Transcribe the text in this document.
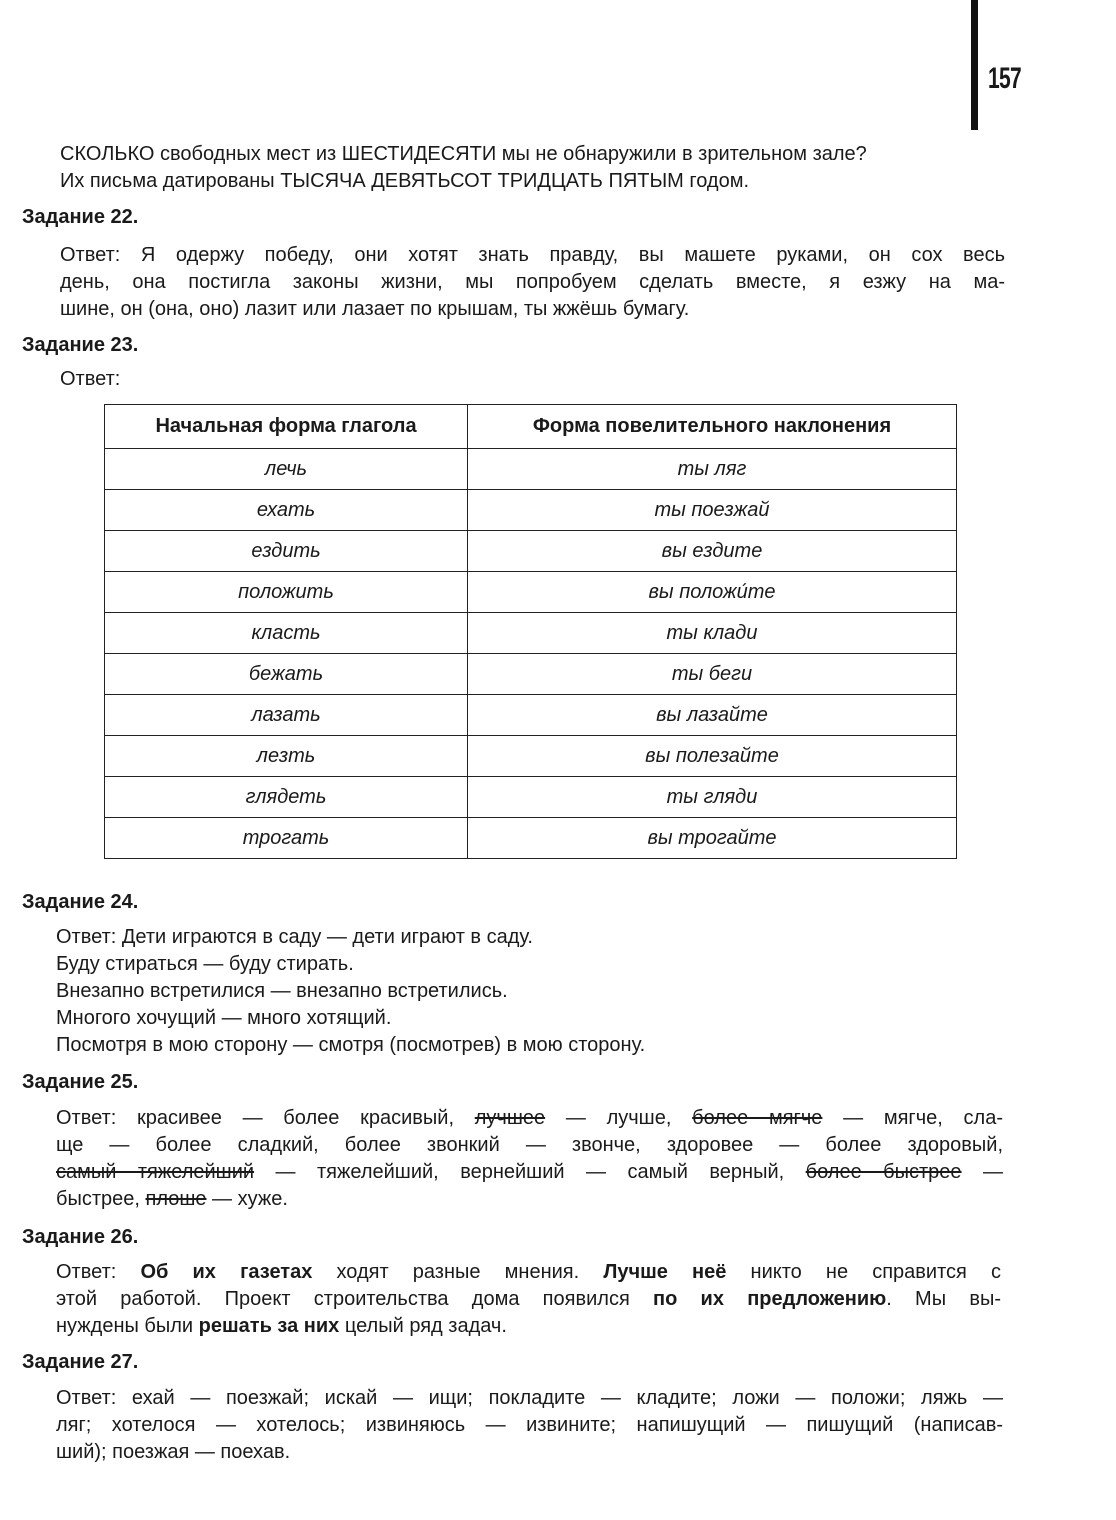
157
СКОЛЬКО свободных мест из ШЕСТИДЕСЯТИ мы не обнаружили в зрительном зале?
Их письма датированы ТЫСЯЧА ДЕВЯТЬСОТ ТРИДЦАТЬ ПЯТЫМ годом.
Задание 22.
Ответ: Я одержу победу, они хотят знать правду, вы машете руками, он сох весь
день, она постигла законы жизни, мы попробуем сделать вместе, я езжу на ма-
шине, он (она, оно) лазит или лазает по крышам, ты жжёшь бумагу.
Задание 23.
Ответ:
Начальная форма глагола	Форма повелительного наклонения
лечь	ты ляг
ехать	ты поезжай
ездить	вы ездите
положить	вы положи́те
класть	ты клади
бежать	ты беги
лазать	вы лазайте
лезть	вы полезайте
глядеть	ты гляди
трогать	вы трогайте
Задание 24.
Ответ: Дети играются в саду — дети играют в саду.
Буду стираться — буду стирать.
Внезапно встретилися — внезапно встретились.
Многого хочущий — много хотящий.
Посмотря в мою сторону — смотря (посмотрев) в мою сторону.
Задание 25.
Ответ: красивее — более красивый, лучшее — лучше, более мягче — мягче, сла-
ще — более сладкий, более звонкий — звонче, здоровее — более здоровый,
самый тяжелейший — тяжелейший, вернейший — самый верный, более быстрее —
быстрее, плоше — хуже.
Задание 26.
Ответ: Об их газетах ходят разные мнения. Лучше неё никто не справится с
этой работой. Проект строительства дома появился по их предложению. Мы вы-
нуждены были решать за них целый ряд задач.
Задание 27.
Ответ: ехай — поезжай; искай — ищи; покладите — кладите; ложи — положи; ляжь —
ляг; хотелося — хотелось; извиняюсь — извините; напишущий — пишущий (написав-
ший); поезжая — поехав.
